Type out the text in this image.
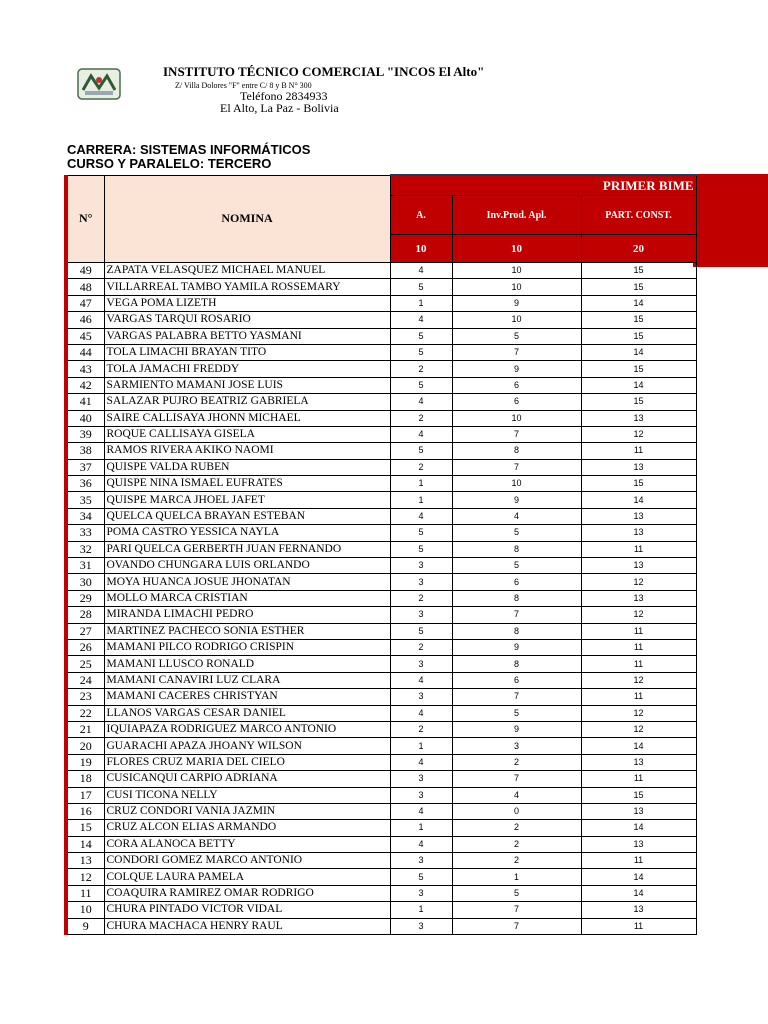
INSTITUTO TÉCNICO COMERCIAL "INCOS El Alto"
Z/ Villa Dolores "F" entre C/ 8 y B N° 300
Teléfono 2834933
El Alto, La Paz - Bolivia
CARRERA: SISTEMAS INFORMÁTICOS
CURSO Y PARALELO: TERCERO
N°	NOMINA	PRIMER BIME		
		A.	Inv.Prod. Apl.	PART. CONST.
		10	10	20
49	ZAPATA VELASQUEZ MICHAEL MANUEL	4	10	15
48	VILLARREAL TAMBO YAMILA ROSSEMARY	5	10	15
47	VEGA POMA LIZETH	1	9	14
46	VARGAS TARQUI ROSARIO	4	10	15
45	VARGAS PALABRA BETTO YASMANI	5	5	15
44	TOLA LIMACHI BRAYAN TITO	5	7	14
43	TOLA JAMACHI FREDDY	2	9	15
42	SARMIENTO MAMANI JOSE LUIS	5	6	14
41	SALAZAR PUJRO BEATRIZ GABRIELA	4	6	15
40	SAIRE CALLISAYA JHONN MICHAEL	2	10	13
39	ROQUE CALLISAYA GISELA	4	7	12
38	RAMOS RIVERA AKIKO NAOMI	5	8	11
37	QUISPE VALDA RUBEN	2	7	13
36	QUISPE NINA ISMAEL EUFRATES	1	10	15
35	QUISPE MARCA JHOEL JAFET	1	9	14
34	QUELCA QUELCA BRAYAN ESTEBAN	4	4	13
33	POMA CASTRO YESSICA NAYLA	5	5	13
32	PARI QUELCA GERBERTH JUAN FERNANDO	5	8	11
31	OVANDO CHUNGARA LUIS ORLANDO	3	5	13
30	MOYA HUANCA JOSUE JHONATAN	3	6	12
29	MOLLO MARCA CRISTIAN	2	8	13
28	MIRANDA LIMACHI PEDRO	3	7	12
27	MARTINEZ PACHECO SONIA ESTHER	5	8	11
26	MAMANI PILCO RODRIGO CRISPIN	2	9	11
25	MAMANI LLUSCO RONALD	3	8	11
24	MAMANI CANAVIRI LUZ CLARA	4	6	12
23	MAMANI CACERES CHRISTYAN	3	7	11
22	LLANOS VARGAS CESAR DANIEL	4	5	12
21	IQUIAPAZA RODRIGUEZ MARCO ANTONIO	2	9	12
20	GUARACHI APAZA JHOANY WILSON	1	3	14
19	FLORES CRUZ MARIA DEL CIELO	4	2	13
18	CUSICANQUI CARPIO ADRIANA	3	7	11
17	CUSI TICONA NELLY	3	4	15
16	CRUZ CONDORI VANIA JAZMIN	4	0	13
15	CRUZ ALCON ELIAS ARMANDO	1	2	14
14	CORA ALANOCA BETTY	4	2	13
13	CONDORI GOMEZ MARCO ANTONIO	3	2	11
12	COLQUE LAURA PAMELA	5	1	14
11	COAQUIRA RAMIREZ OMAR RODRIGO	3	5	14
10	CHURA PINTADO VICTOR VIDAL	1	7	13
9	CHURA MACHACA HENRY RAUL	3	7	11
